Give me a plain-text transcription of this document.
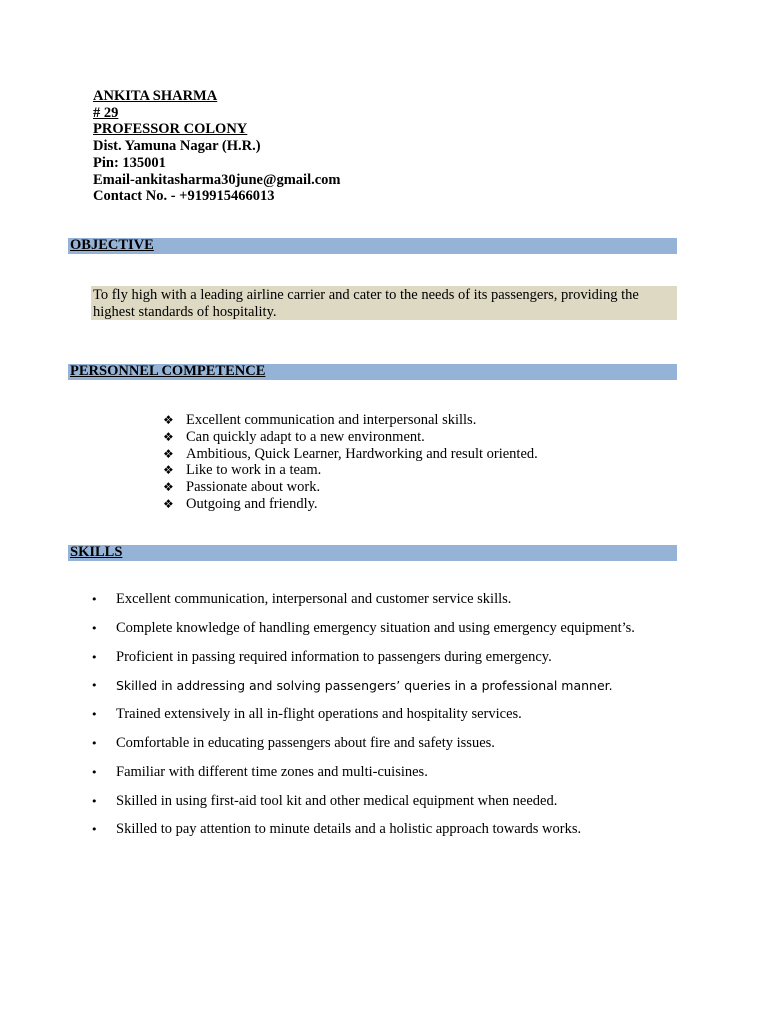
ANKITA SHARMA
# 29
PROFESSOR COLONY
Dist. Yamuna Nagar (H.R.)
Pin: 135001
Email-ankitasharma30june@gmail.com
Contact No. - +919915466013
OBJECTIVE
To fly high with a leading airline carrier and cater to the needs of its passengers, providing the highest standards of hospitality.
PERSONNEL COMPETENCE
❖ Excellent communication and interpersonal skills.
❖ Can quickly adapt to a new environment.
❖ Ambitious, Quick Learner, Hardworking and result oriented.
❖ Like to work in a team.
❖ Passionate about work.
❖ Outgoing and friendly.
SKILLS
• Excellent communication, interpersonal and customer service skills.
• Complete knowledge of handling emergency situation and using emergency equipment’s.
• Proficient in passing required information to passengers during emergency.
• Skilled in addressing and solving passengers’ queries in a professional manner.
• Trained extensively in all in-flight operations and hospitality services.
• Comfortable in educating passengers about fire and safety issues.
• Familiar with different time zones and multi-cuisines.
• Skilled in using first-aid tool kit and other medical equipment when needed.
• Skilled to pay attention to minute details and a holistic approach towards works.
